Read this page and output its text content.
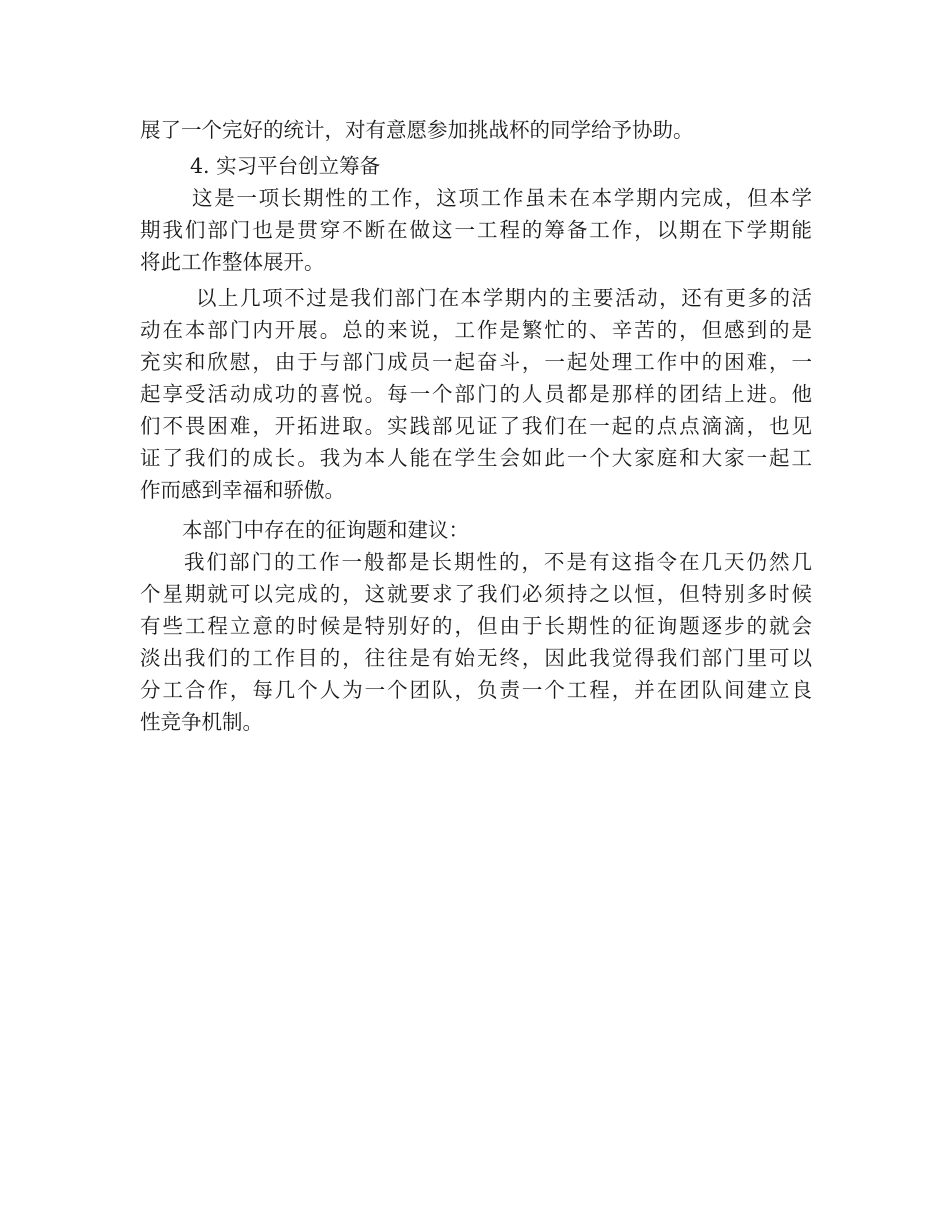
展了一个完好的统计，对有意愿参加挑战杯的同学给予协助。

4. 实习平台创立筹备

这是一项长期性的工作，这项工作虽未在本学期内完成，但本学
期我们部门也是贯穿不断在做这一工程的筹备工作，以期在下学期能
将此工作整体展开。

以上几项不过是我们部门在本学期内的主要活动，还有更多的活
动在本部门内开展。总的来说，工作是繁忙的、辛苦的，但感到的是
充实和欣慰，由于与部门成员一起奋斗，一起处理工作中的困难，一
起享受活动成功的喜悦。每一个部门的人员都是那样的团结上进。他
们不畏困难，开拓进取。实践部见证了我们在一起的点点滴滴，也见
证了我们的成长。我为本人能在学生会如此一个大家庭和大家一起工
作而感到幸福和骄傲。

本部门中存在的征询题和建议：

我们部门的工作一般都是长期性的，不是有这指令在几天仍然几
个星期就可以完成的，这就要求了我们必须持之以恒，但特别多时候
有些工程立意的时候是特别好的，但由于长期性的征询题逐步的就会
淡出我们的工作目的，往往是有始无终，因此我觉得我们部门里可以
分工合作，每几个人为一个团队，负责一个工程，并在团队间建立良
性竞争机制。
